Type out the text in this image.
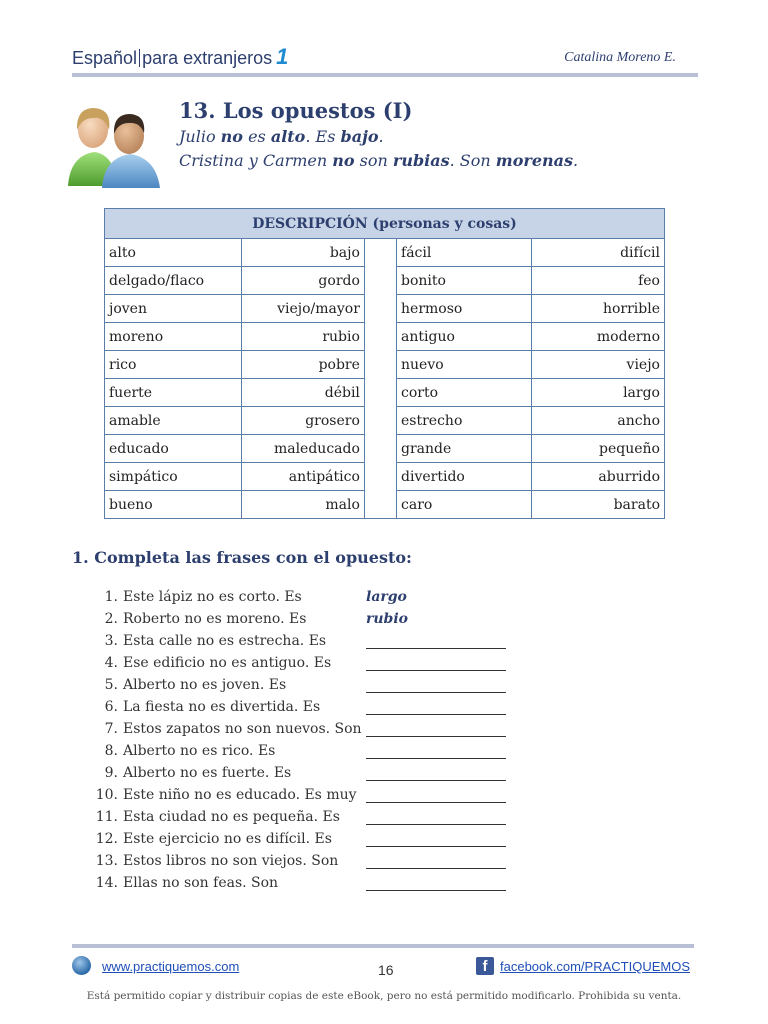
Español para extranjeros 1	Catalina Moreno E.
13. Los opuestos (I)
Julio no es alto. Es bajo.
Cristina y Carmen no son rubias. Son morenas.
DESCRIPCIÓN (personas y cosas)				
alto	bajo		fácil	difícil
delgado/flaco	gordo		bonito	feo
joven	viejo/mayor		hermoso	horrible
moreno	rubio		antiguo	moderno
rico	pobre		nuevo	viejo
fuerte	débil		corto	largo
amable	grosero		estrecho	ancho
educado	maleducado		grande	pequeño
simpático	antipático		divertido	aburrido
bueno	malo		caro	barato
1. Completa las frases con el opuesto:
1. Este lápiz no es corto. Es	largo
2. Roberto no es moreno. Es	rubio
3. Esta calle no es estrecha. Es
4. Ese edificio no es antiguo. Es
5. Alberto no es joven. Es
6. La fiesta no es divertida. Es
7. Estos zapatos no son nuevos. Son
8. Alberto no es rico. Es
9. Alberto no es fuerte. Es
10. Este niño no es educado. Es muy
11. Esta ciudad no es pequeña. Es
12. Este ejercicio no es difícil. Es
13. Estos libros no son viejos. Son
14. Ellas no son feas. Son
www.practiquemos.com	16	f facebook.com/PRACTIQUEMOS
Está permitido copiar y distribuir copias de este eBook, pero no está permitido modificarlo. Prohibida su venta.
